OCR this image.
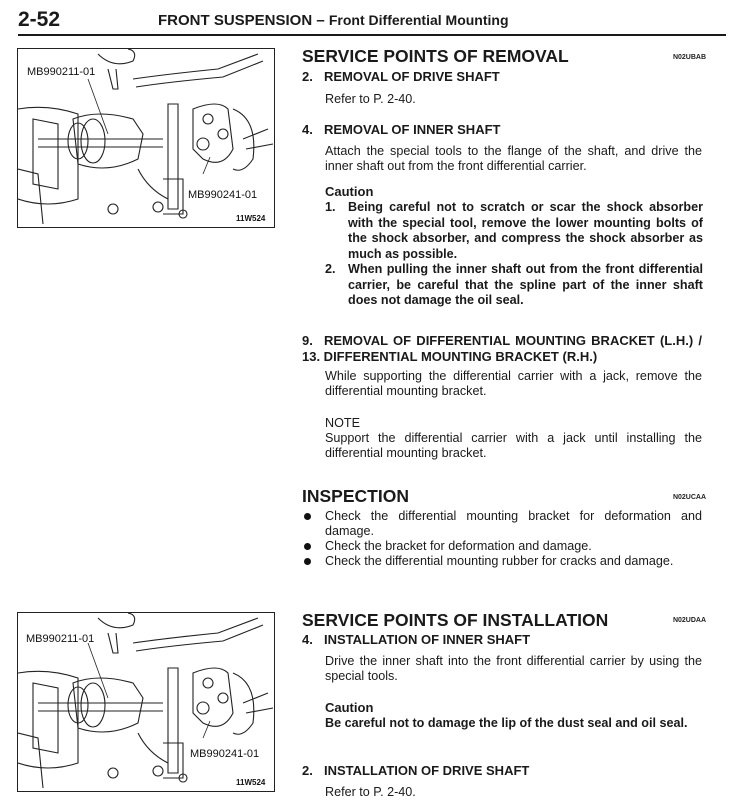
2-52	FRONT SUSPENSION – Front Differential Mounting
MB990211-01
MB990241-01
11W524
MB990211-01
MB990241-01
11W524
SERVICE POINTS OF REMOVAL	N02UBAB
2. REMOVAL OF DRIVE SHAFT
Refer to P. 2-40.
4. REMOVAL OF INNER SHAFT
Attach the special tools to the flange of the shaft, and drive the inner shaft out from the front differential carrier.
Caution
1. Being careful not to scratch or scar the shock absorber with the special tool, remove the lower mounting bolts of the shock absorber, and compress the shock absorber as much as possible.
2. When pulling the inner shaft out from the front differential carrier, be careful that the spline part of the inner shaft does not damage the oil seal.
9. REMOVAL OF DIFFERENTIAL MOUNTING BRACKET (L.H.) / 13. DIFFERENTIAL MOUNTING BRACKET (R.H.)
While supporting the differential carrier with a jack, remove the differential mounting bracket.
NOTE
Support the differential carrier with a jack until installing the differential mounting bracket.
INSPECTION	N02UCAA
Check the differential mounting bracket for deformation and damage.
Check the bracket for deformation and damage.
Check the differential mounting rubber for cracks and damage.
SERVICE POINTS OF INSTALLATION	N02UDAA
4. INSTALLATION OF INNER SHAFT
Drive the inner shaft into the front differential carrier by using the special tools.
Caution
Be careful not to damage the lip of the dust seal and oil seal.
2. INSTALLATION OF DRIVE SHAFT
Refer to P. 2-40.
